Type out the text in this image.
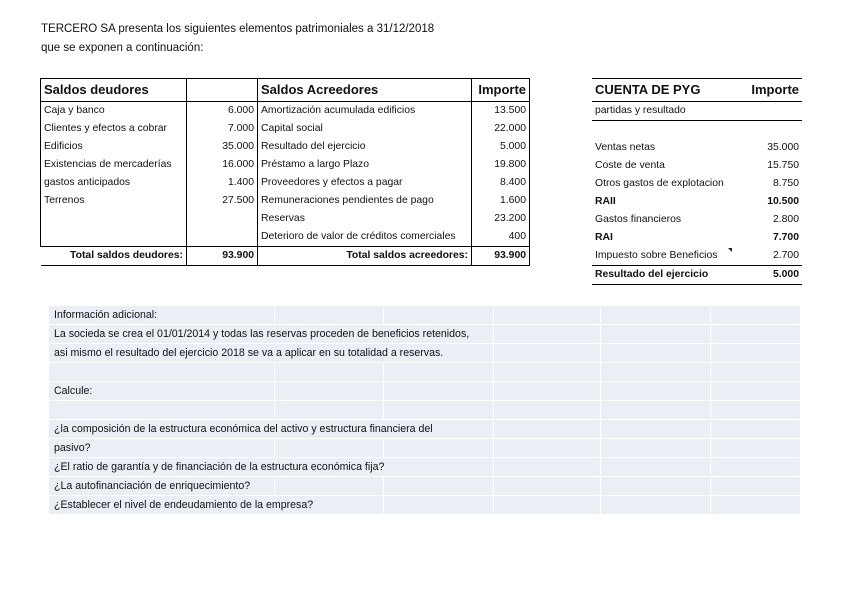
TERCERO SA presenta los siguientes elementos patrimoniales a 31/12/2018
que se exponen a continuación:
Saldos deudores		Saldos Acreedores	Importe
Caja y banco	6.000	Amortización acumulada edificios	13.500
Clientes y efectos a cobrar	7.000	Capital social	22.000
Edificios	35.000	Resultado del ejercicio	5.000
Existencias de mercaderías	16.000	Préstamo a largo Plazo	19.800
gastos anticipados	1.400	Proveedores y efectos a pagar	8.400
Terrenos	27.500	Remuneraciones pendientes de pago	1.600
		Reservas	23.200
		Deterioro de valor de créditos comerciales	400
Total saldos deudores:	93.900	Total saldos acreedores:	93.900
CUENTA DE PYG	Importe
partidas y resultado	

Ventas netas	35.000
Coste de venta	15.750
Otros gastos de explotacion	8.750
RAII	10.500
Gastos financieros	2.800
RAI	7.700
Impuesto sobre Beneficios	2.700
Resultado del ejercicio	5.000
Información adicional:
La socieda se crea el 01/01/2014 y todas las reservas proceden de beneficios retenidos,
asi mismo el resultado del ejercicio 2018 se va a aplicar en su totalidad a reservas.
Calcule:
¿la composición de la estructura económica del activo y estructura financiera del
pasivo?
¿El ratio de garantía y de financiación de la estructura económica fija?
¿La autofinanciación de enriquecimiento?
¿Establecer el nivel de endeudamiento de la empresa?
